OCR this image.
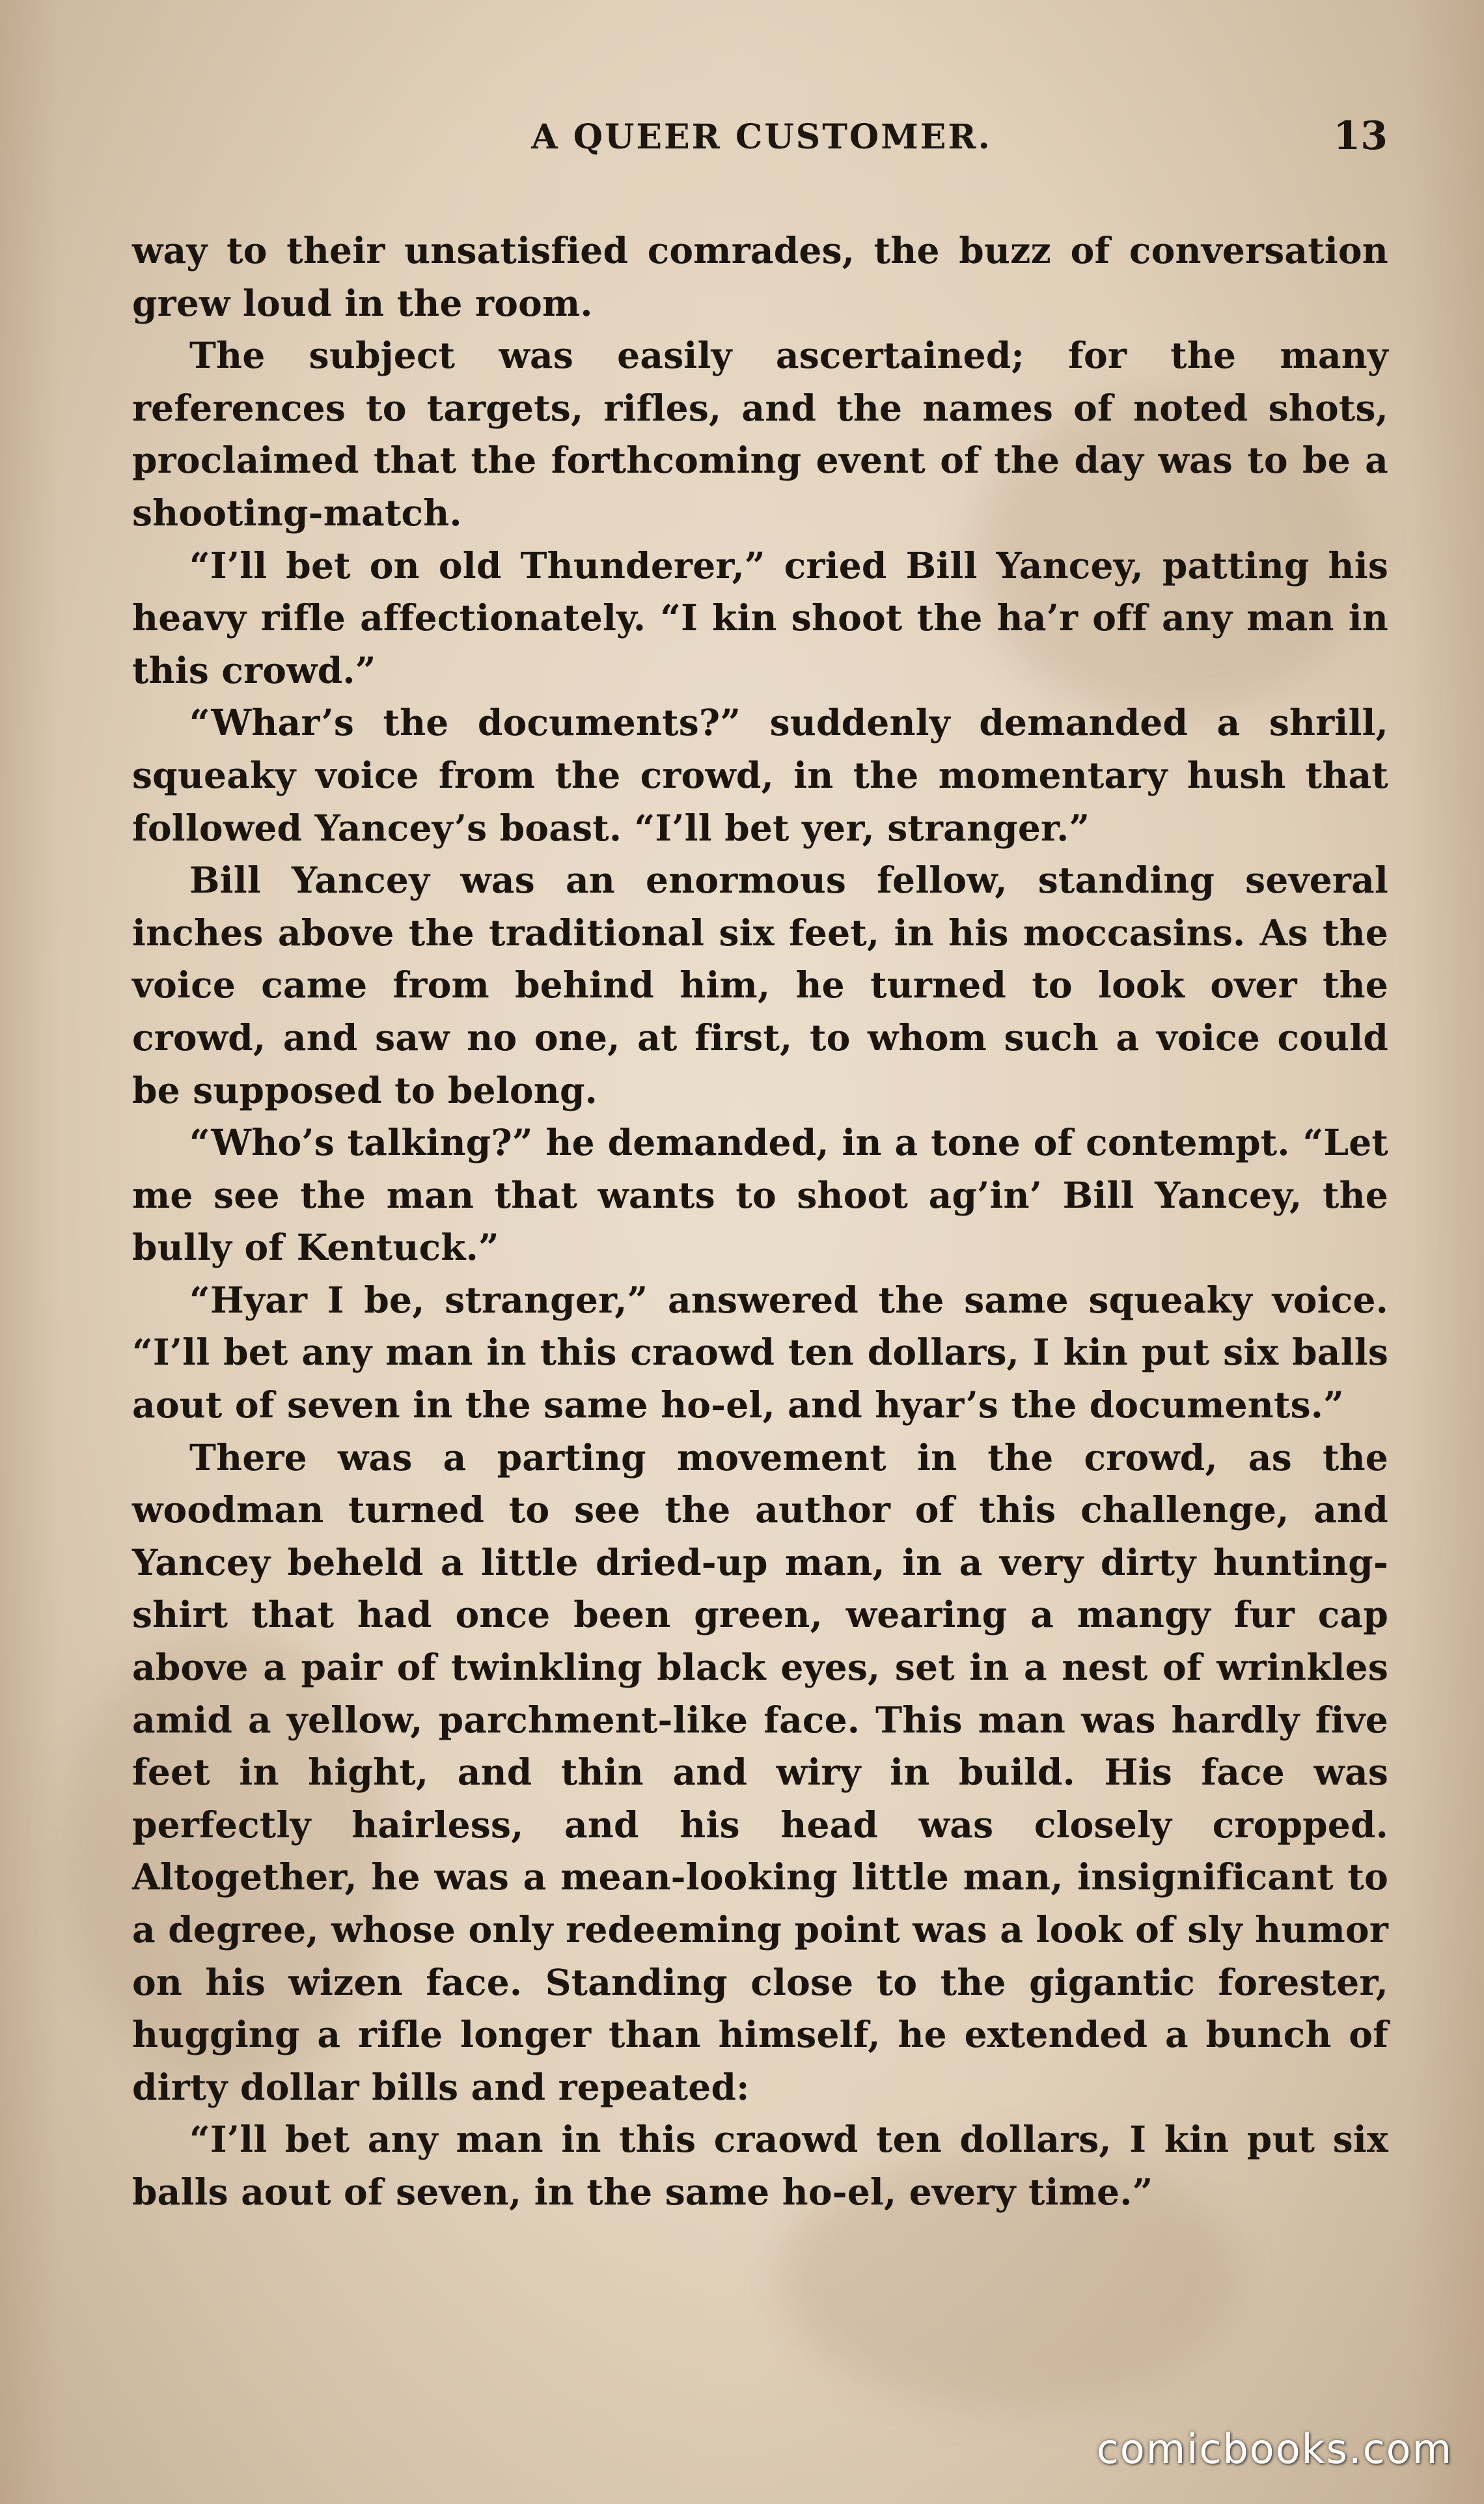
A QUEER CUSTOMER.	13

way to their unsatisfied comrades, the buzz of conversation grew loud in the room.

The subject was easily ascertained; for the many references to targets, rifles, and the names of noted shots, proclaimed that the forthcoming event of the day was to be a shooting-match.

“I’ll bet on old Thunderer,” cried Bill Yancey, patting his heavy rifle affectionately. “I kin shoot the ha’r off any man in this crowd.”

“Whar’s the documents?” suddenly demanded a shrill, squeaky voice from the crowd, in the momentary hush that followed Yancey’s boast. “I’ll bet yer, stranger.”

Bill Yancey was an enormous fellow, standing several inches above the traditional six feet, in his moccasins. As the voice came from behind him, he turned to look over the crowd, and saw no one, at first, to whom such a voice could be supposed to belong.

“Who’s talking?” he demanded, in a tone of contempt. “Let me see the man that wants to shoot ag’in’ Bill Yancey, the bully of Kentuck.”

“Hyar I be, stranger,” answered the same squeaky voice. “I’ll bet any man in this craowd ten dollars, I kin put six balls aout of seven in the same ho-el, and hyar’s the documents.”

There was a parting movement in the crowd, as the woodman turned to see the author of this challenge, and Yancey beheld a little dried-up man, in a very dirty hunting-shirt that had once been green, wearing a mangy fur cap above a pair of twinkling black eyes, set in a nest of wrinkles amid a yellow, parchment-like face. This man was hardly five feet in hight, and thin and wiry in build. His face was perfectly hairless, and his head was closely cropped. Altogether, he was a mean-looking little man, insignificant to a degree, whose only redeeming point was a look of sly humor on his wizen face. Standing close to the gigantic forester, hugging a rifle longer than himself, he extended a bunch of dirty dollar bills and repeated:

“I’ll bet any man in this craowd ten dollars, I kin put six balls aout of seven, in the same ho-el, every time.”

comicbooks.com
